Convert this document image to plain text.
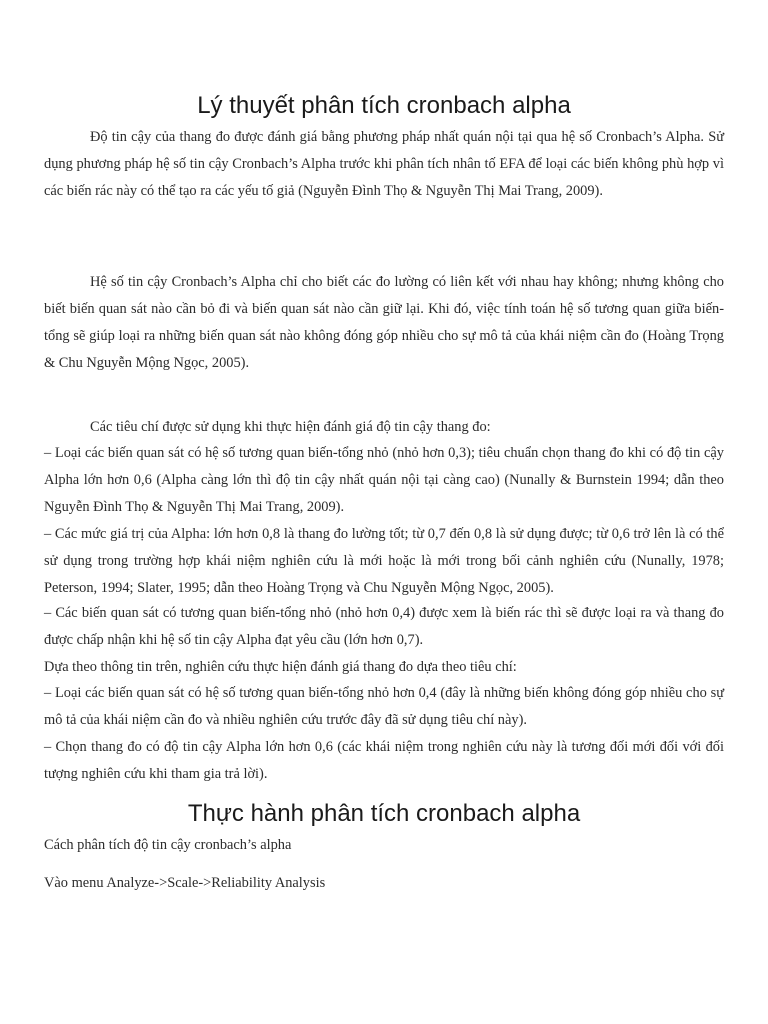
Lý thuyết phân tích cronbach alpha

Độ tin cậy của thang đo được đánh giá bằng phương pháp nhất quán nội tại qua hệ số Cronbach’s Alpha. Sử dụng phương pháp hệ số tin cậy Cronbach’s Alpha trước khi phân tích nhân tố EFA để loại các biến không phù hợp vì các biến rác này có thể tạo ra các yếu tố giả (Nguyễn Đình Thọ & Nguyễn Thị Mai Trang, 2009).

Hệ số tin cậy Cronbach’s Alpha chỉ cho biết các đo lường có liên kết với nhau hay không; nhưng không cho biết biến quan sát nào cần bỏ đi và biến quan sát nào cần giữ lại. Khi đó, việc tính toán hệ số tương quan giữa biến-tổng sẽ giúp loại ra những biến quan sát nào không đóng góp nhiều cho sự mô tả của khái niệm cần đo (Hoàng Trọng & Chu Nguyễn Mộng Ngọc, 2005).

Các tiêu chí được sử dụng khi thực hiện đánh giá độ tin cậy thang đo:

– Loại các biến quan sát có hệ số tương quan biến-tổng nhỏ (nhỏ hơn 0,3); tiêu chuẩn chọn thang đo khi có độ tin cậy Alpha lớn hơn 0,6 (Alpha càng lớn thì độ tin cậy nhất quán nội tại càng cao) (Nunally & Burnstein 1994; dẫn theo Nguyễn Đình Thọ & Nguyễn Thị Mai Trang, 2009).

– Các mức giá trị của Alpha: lớn hơn 0,8 là thang đo lường tốt; từ 0,7 đến 0,8 là sử dụng được; từ 0,6 trở lên là có thể sử dụng trong trường hợp khái niệm nghiên cứu là mới hoặc là mới trong bối cảnh nghiên cứu (Nunally, 1978; Peterson, 1994; Slater, 1995; dẫn theo Hoàng Trọng và Chu Nguyễn Mộng Ngọc, 2005).

– Các biến quan sát có tương quan biến-tổng nhỏ (nhỏ hơn 0,4) được xem là biến rác thì sẽ được loại ra và thang đo được chấp nhận khi hệ số tin cậy Alpha đạt yêu cầu (lớn hơn 0,7).

Dựa theo thông tin trên, nghiên cứu thực hiện đánh giá thang đo dựa theo tiêu chí:

– Loại các biến quan sát có hệ số tương quan biến-tổng nhỏ hơn 0,4 (đây là những biến không đóng góp nhiều cho sự mô tả của khái niệm cần đo và nhiều nghiên cứu trước đây đã sử dụng tiêu chí này).

– Chọn thang đo có độ tin cậy Alpha lớn hơn 0,6 (các khái niệm trong nghiên cứu này là tương đối mới đối với đối tượng nghiên cứu khi tham gia trả lời).

Thực hành phân tích cronbach alpha

Cách phân tích độ tin cậy cronbach’s alpha

Vào menu Analyze->Scale->Reliability Analysis
